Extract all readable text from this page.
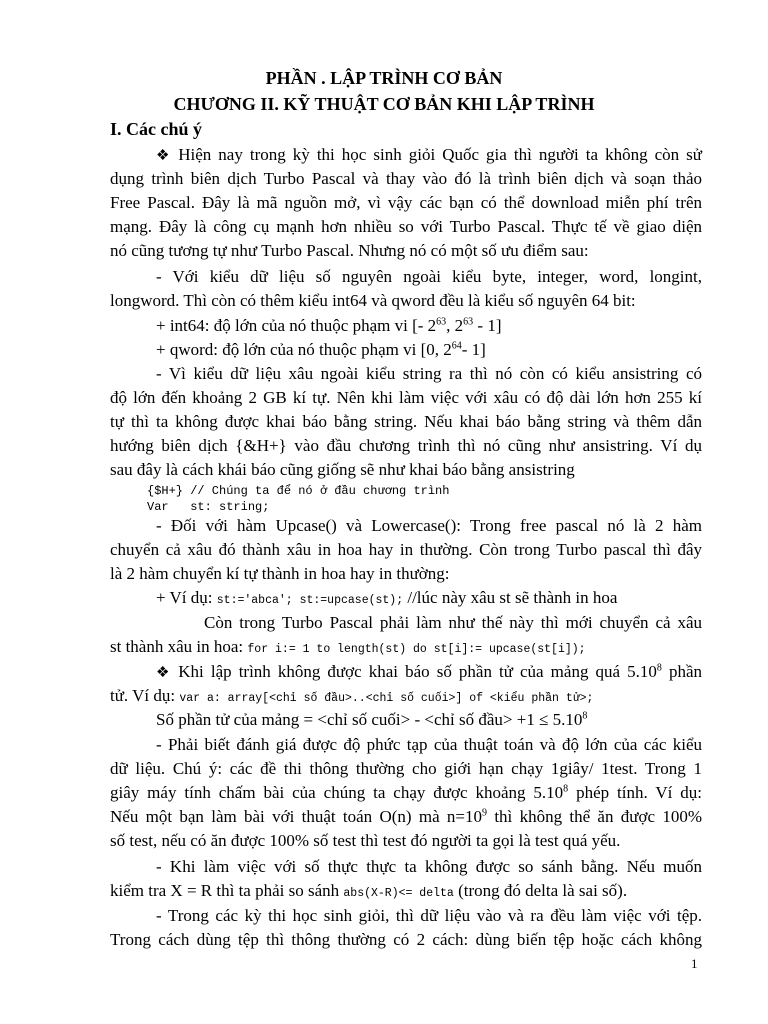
PHẦN . LẬP TRÌNH CƠ BẢN
CHƯƠNG II. KỸ THUẬT CƠ BẢN KHI LẬP TRÌNH
I. Các chú ý
❖ Hiện nay trong kỳ thi học sinh giỏi Quốc gia thì người ta không còn sử
dụng trình biên dịch Turbo Pascal và thay vào đó là trình biên dịch và soạn thảo
Free Pascal. Đây là mã nguồn mở, vì vậy các bạn có thể download miễn phí trên
mạng. Đây là công cụ mạnh hơn nhiều so với Turbo Pascal. Thực tế về giao diện
nó cũng tương tự như Turbo Pascal. Nhưng nó có một số ưu điểm sau:
- Với kiểu dữ liệu số nguyên ngoài kiểu byte, integer, word, longint,
longword. Thì còn có thêm kiểu int64 và qword đều là kiểu số nguyên 64 bit:
+ int64: độ lớn của nó thuộc phạm vi [- $2^{63}$, $2^{63} - 1$]
+ qword: độ lớn của nó thuộc phạm vi [0, $2^{64}-$ 1]
- Vì kiểu dữ liệu xâu ngoài kiểu string ra thì nó còn có kiểu ansistring có
độ lớn đến khoảng 2 GB kí tự. Nên khi làm việc với xâu có độ dài lớn hơn 255 kí
tự thì ta không được khai báo bằng string. Nếu khai báo bằng string và thêm dẫn
hướng biên dịch {&H+} vào đầu chương trình thì nó cũng như ansistring. Ví dụ
sau đây là cách khái báo cũng giống sẽ như khai báo bằng ansistring
{$H+} // Chúng ta để nó ở đầu chương trình
Var   st: string;
- Đối với hàm Upcase() và Lowercase(): Trong free pascal nó là 2 hàm
chuyển cả xâu đó thành xâu in hoa hay in thường. Còn trong Turbo pascal thì đây
là 2 hàm chuyển kí tự thành in hoa hay in thường:
+ Ví dụ: st:='abca'; st:=upcase(st); //lúc này xâu st sẽ thành in hoa
Còn trong Turbo Pascal phải làm như thế này thì mới chuyển cả xâu
st thành xâu in hoa: for i:= 1 to length(st) do st[i]:= upcase(st[i]);
❖ Khi lập trình không được khai báo số phần tử của mảng quá 5.10$^8$ phần
tử. Ví dụ: var a: array[<chỉ số đầu>..<chỉ số cuối>] of <kiểu phần tử>;
Số phần tử của mảng = <chỉ số cuối> - <chỉ số đầu> $+1 \le 5.10^8$
- Phải biết đánh giá được độ phức tạp của thuật toán và độ lớn của các kiểu
dữ liệu. Chú ý: các đề thi thông thường cho giới hạn chạy 1giây/ 1test. Trong 1
giây máy tính chấm bài của chúng ta chạy được khoảng 5.10$^8$ phép tính. Ví dụ:
Nếu một bạn làm bài với thuật toán O(n) mà $n=10^9$ thì không thể ăn được 100%
số test, nếu có ăn được 100% số test thì test đó người ta gọi là test quá yếu.
- Khi làm việc với số thực thực ta không được so sánh bằng. Nếu muốn
kiểm tra X = R thì ta phải so sánh abs(X-R)<= delta (trong đó delta là sai số).
- Trong các kỳ thi học sinh giỏi, thì dữ liệu vào và ra đều làm việc với tệp.
Trong cách dùng tệp thì thông thường có 2 cách: dùng biến tệp hoặc cách không
1
